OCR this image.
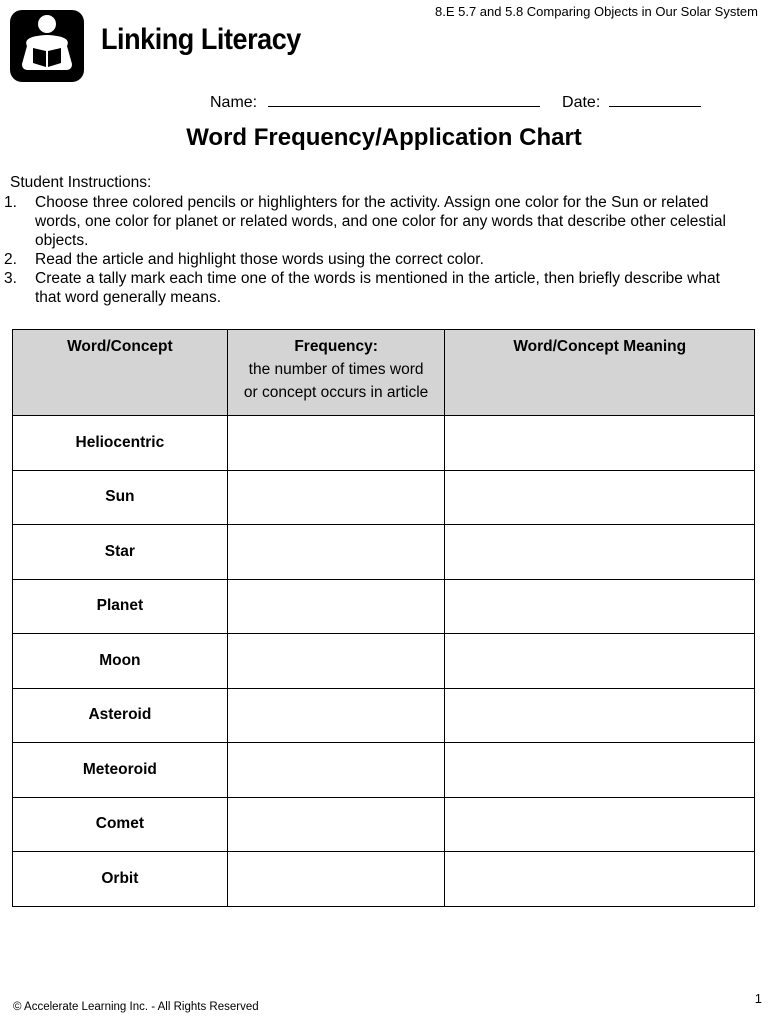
8.E 5.7 and 5.8 Comparing Objects in Our Solar System
Linking Literacy
Name:	Date:
Word Frequency/Application Chart
Student Instructions:
1. Choose three colored pencils or highlighters for the activity. Assign one color for the Sun or related words, one color for planet or related words, and one color for any words that describe other celestial objects.
2. Read the article and highlight those words using the correct color.
3. Create a tally mark each time one of the words is mentioned in the article, then briefly describe what that word generally means.
Word/Concept	Frequency:
the number of times word
or concept occurs in article	Word/Concept Meaning
Heliocentric		
Sun		
Star		
Planet		
Moon		
Asteroid		
Meteoroid		
Comet		
Orbit		
© Accelerate Learning Inc. - All Rights Reserved
1
